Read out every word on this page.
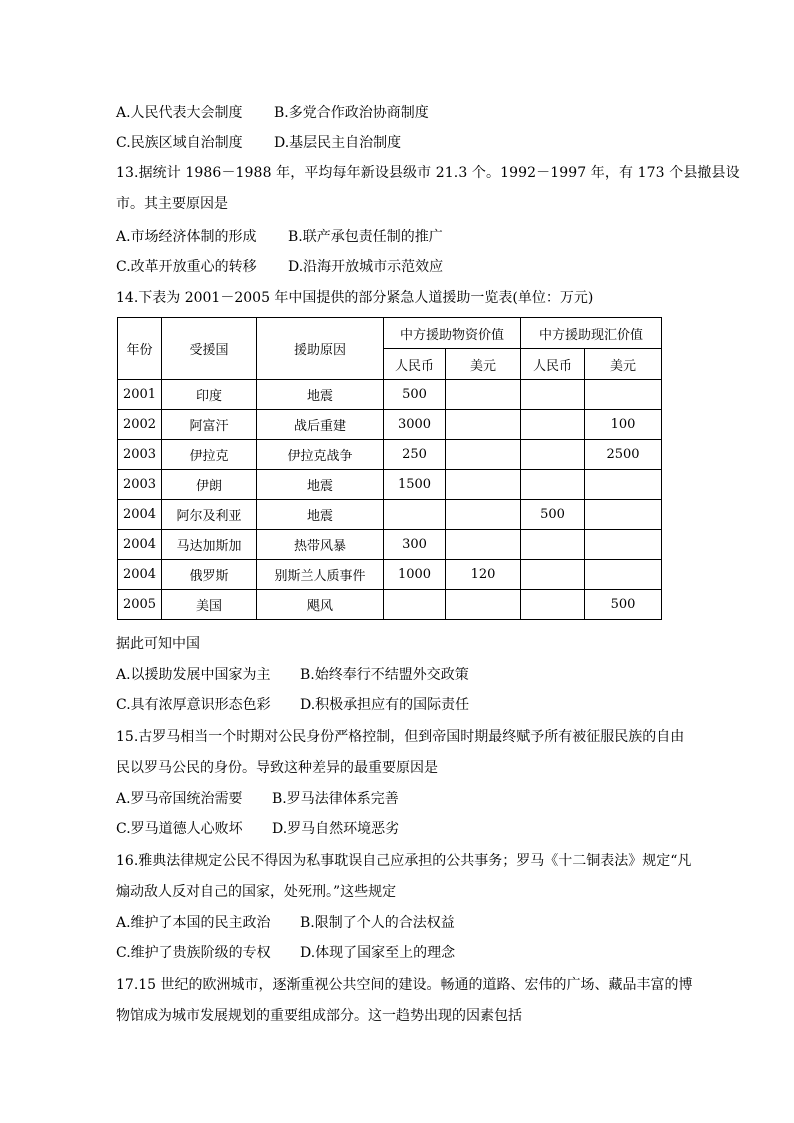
A.人民代表大会制度 B.多党合作政治协商制度
C.民族区域自治制度 D.基层民主自治制度
13.据统计 1986－1988 年，平均每年新设县级市 21.3 个。1992－1997 年，有 173 个县撤县设
市。其主要原因是
A.市场经济体制的形成 B.联产承包责任制的推广
C.改革开放重心的转移 D.沿海开放城市示范效应
14.下表为 2001－2005 年中国提供的部分紧急人道援助一览表(单位：万元)
年份	受援国	援助原因	中方援助物资价值		中方援助现汇价值	
			人民币	美元	人民币	美元
2001	印度	地震	500			
2002	阿富汗	战后重建	3000			100
2003	伊拉克	伊拉克战争	250			2500
2003	伊朗	地震	1500			
2004	阿尔及利亚	地震			500	
2004	马达加斯加	热带风暴	300			
2004	俄罗斯	别斯兰人质事件	1000	120		
2005	美国	飓风				500
据此可知中国
A.以援助发展中国家为主 B.始终奉行不结盟外交政策
C.具有浓厚意识形态色彩 D.积极承担应有的国际责任
15.古罗马相当一个时期对公民身份严格控制，但到帝国时期最终赋予所有被征服民族的自由
民以罗马公民的身份。导致这种差异的最重要原因是
A.罗马帝国统治需要 B.罗马法律体系完善
C.罗马道德人心败坏 D.罗马自然环境恶劣
16.雅典法律规定公民不得因为私事耽误自己应承担的公共事务；罗马《十二铜表法》规定“凡
煽动敌人反对自己的国家，处死刑。”这些规定
A.维护了本国的民主政治 B.限制了个人的合法权益
C.维护了贵族阶级的专权 D.体现了国家至上的理念
17.15 世纪的欧洲城市，逐渐重视公共空间的建设。畅通的道路、宏伟的广场、藏品丰富的博
物馆成为城市发展规划的重要组成部分。这一趋势出现的因素包括
